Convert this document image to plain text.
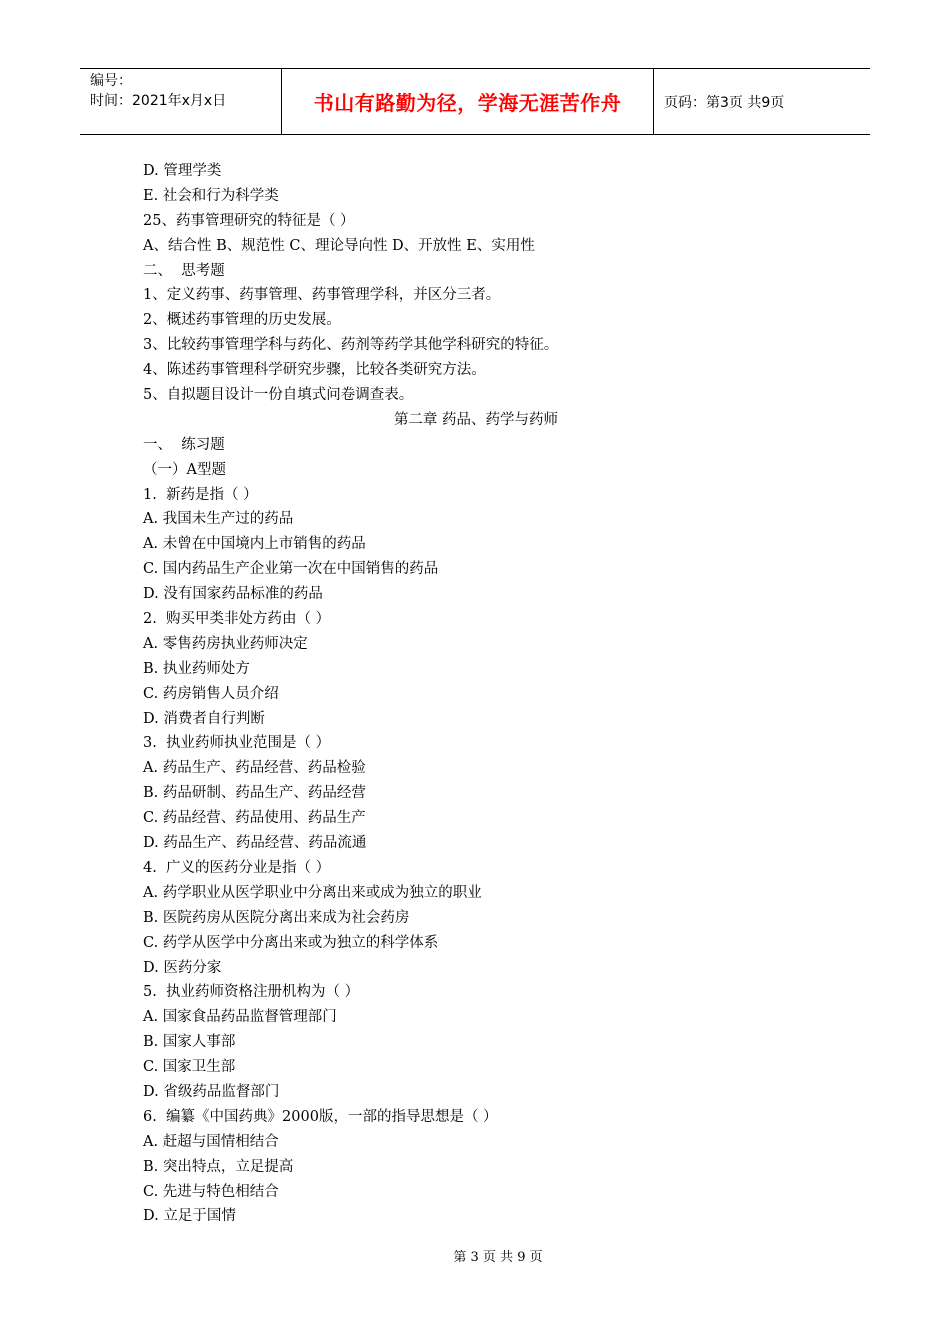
编号：
时间：2021年x月x日	书山有路勤为径，学海无涯苦作舟	页码：第3页 共9页
D. 管理学类
E. 社会和行为科学类
25、药事管理研究的特征是（ ）
A、结合性 B、规范性 C、理论导向性 D、开放性 E、实用性
二、  思考题
1、定义药事、药事管理、药事管理学科，并区分三者。
2、概述药事管理的历史发展。
3、比较药事管理学科与药化、药剂等药学其他学科研究的特征。
4、陈述药事管理科学研究步骤，比较各类研究方法。
5、自拟题目设计一份自填式问卷调查表。
第二章 药品、药学与药师
一、  练习题
（一）A型题
1.  新药是指（ ）
A. 我国未生产过的药品
A. 未曾在中国境内上市销售的药品
C. 国内药品生产企业第一次在中国销售的药品
D. 没有国家药品标准的药品
2.  购买甲类非处方药由（ ）
A. 零售药房执业药师决定
B. 执业药师处方
C. 药房销售人员介绍
D. 消费者自行判断
3.  执业药师执业范围是（ ）
A. 药品生产、药品经营、药品检验
B. 药品研制、药品生产、药品经营
C. 药品经营、药品使用、药品生产
D. 药品生产、药品经营、药品流通
4.  广义的医药分业是指（ ）
A. 药学职业从医学职业中分离出来或成为独立的职业
B. 医院药房从医院分离出来成为社会药房
C. 药学从医学中分离出来或为独立的科学体系
D. 医药分家
5.  执业药师资格注册机构为（ ）
A. 国家食品药品监督管理部门
B. 国家人事部
C. 国家卫生部
D. 省级药品监督部门
6.  编纂《中国药典》2000版，一部的指导思想是（ ）
A. 赶超与国情相结合
B. 突出特点，立足提高
C. 先进与特色相结合
D. 立足于国情
第 3 页 共 9 页
